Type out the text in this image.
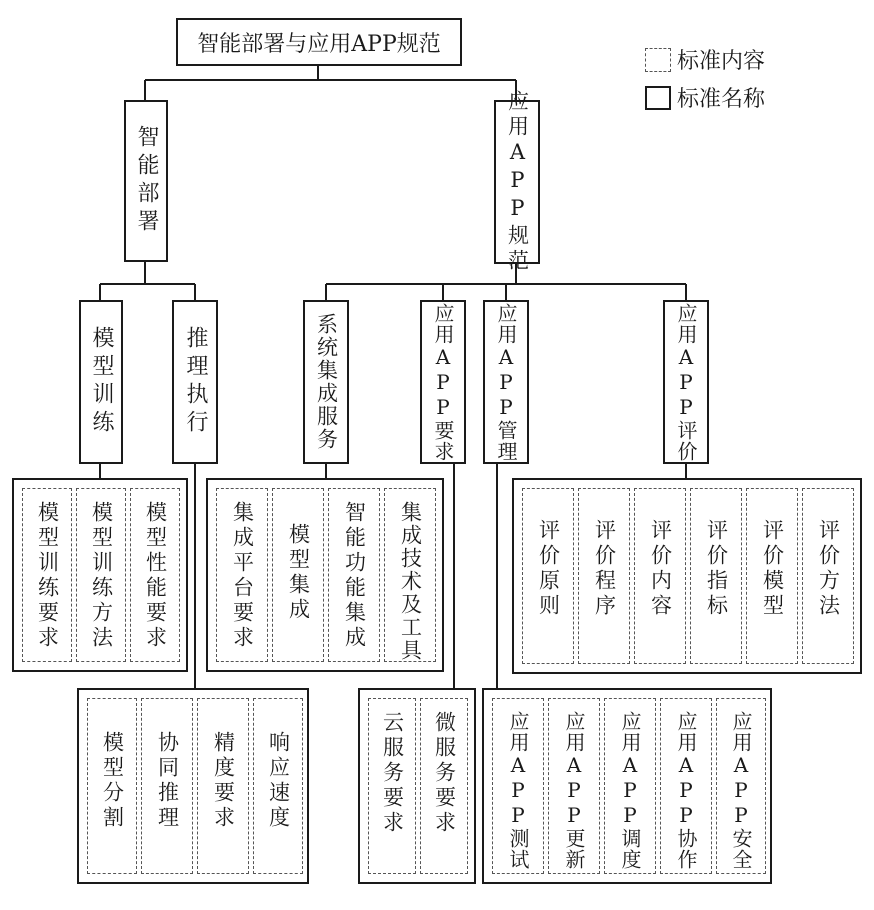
智能部署与应用APP规范
标准内容
标准名称
智能部署	应用APP规范
模型训练	推理执行	系统集成服务	应用APP要求 应用APP管理	应用APP评价
模型训练要求 模型训练方法 模型性能要求
模型分割 协同推理 精度要求 响应速度
集成平台要求 模型集成 智能功能集成 集成技术及工具
云服务要求 微服务要求 应用APP测试 应用APP更新 应用APP调度 应用APP协作 应用APP安全
评价原则 评价程序 评价内容 评价指标 评价模型 评价方法
